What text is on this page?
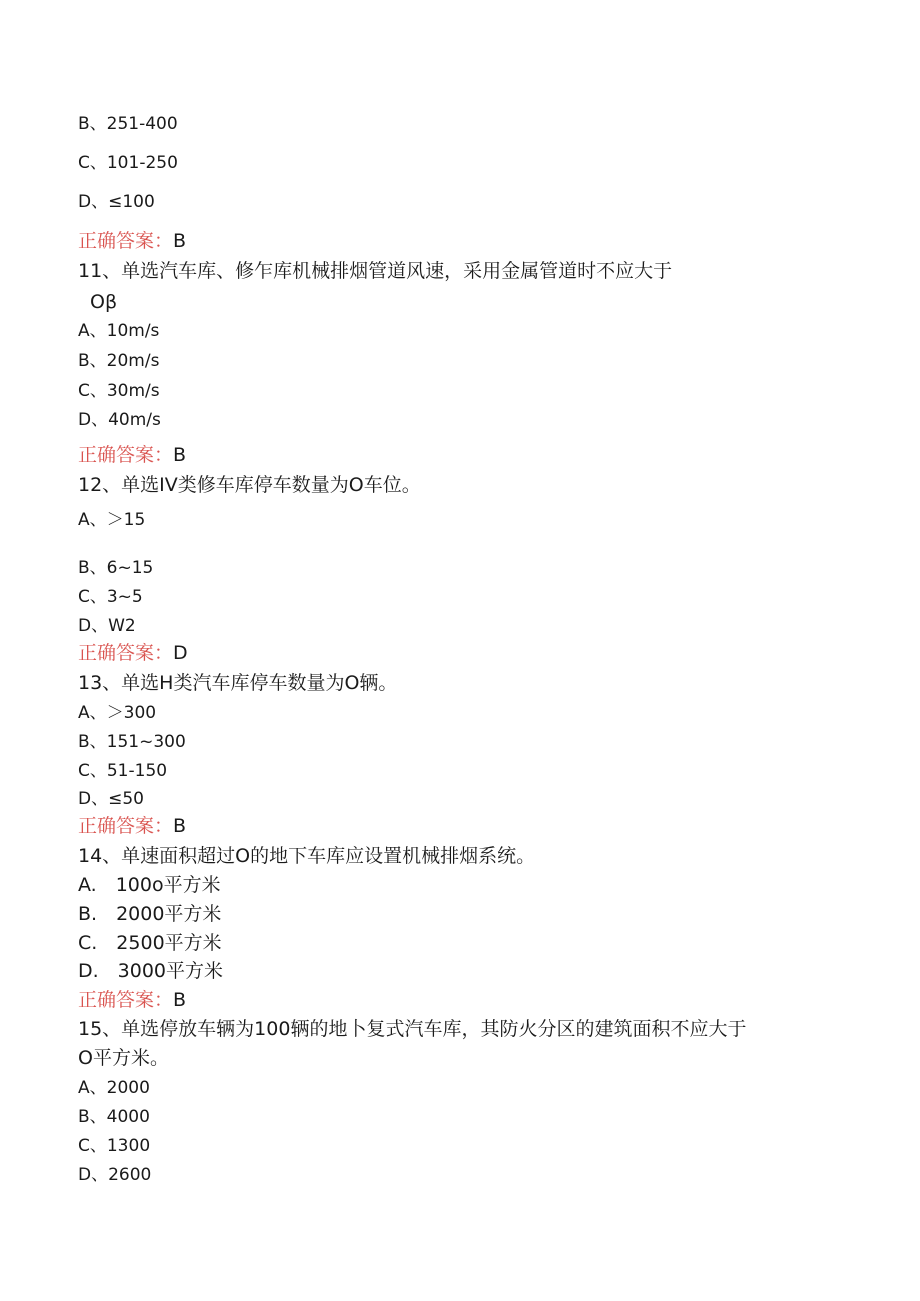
B、251-400
C、101-250
D、≤100
正确答案：B
11、单选汽车库、修乍库机械排烟管道风速，采用金属管道时不应大于
Oβ
A、10m∕s
B、20m∕s
C、30m∕s
D、40m∕s
正确答案：B
12、单选IV类修车库停车数量为O车位。
A、＞15
B、6~15
C、3~5
D、W2
正确答案：D
13、单选H类汽车库停车数量为O辆。
A、＞300
B、151~300
C、51-150
D、≤50
正确答案：B
14、单速面积超过O的地下车库应设置机械排烟系统。
A.　100o平方米
B.　2000平方米
C.　2500平方米
D.　3000平方米
正确答案：B
15、单选停放车辆为100辆的地卜复式汽车库，其防火分区的建筑面积不应大于
O平方米。
A、2000
B、4000
C、1300
D、2600
